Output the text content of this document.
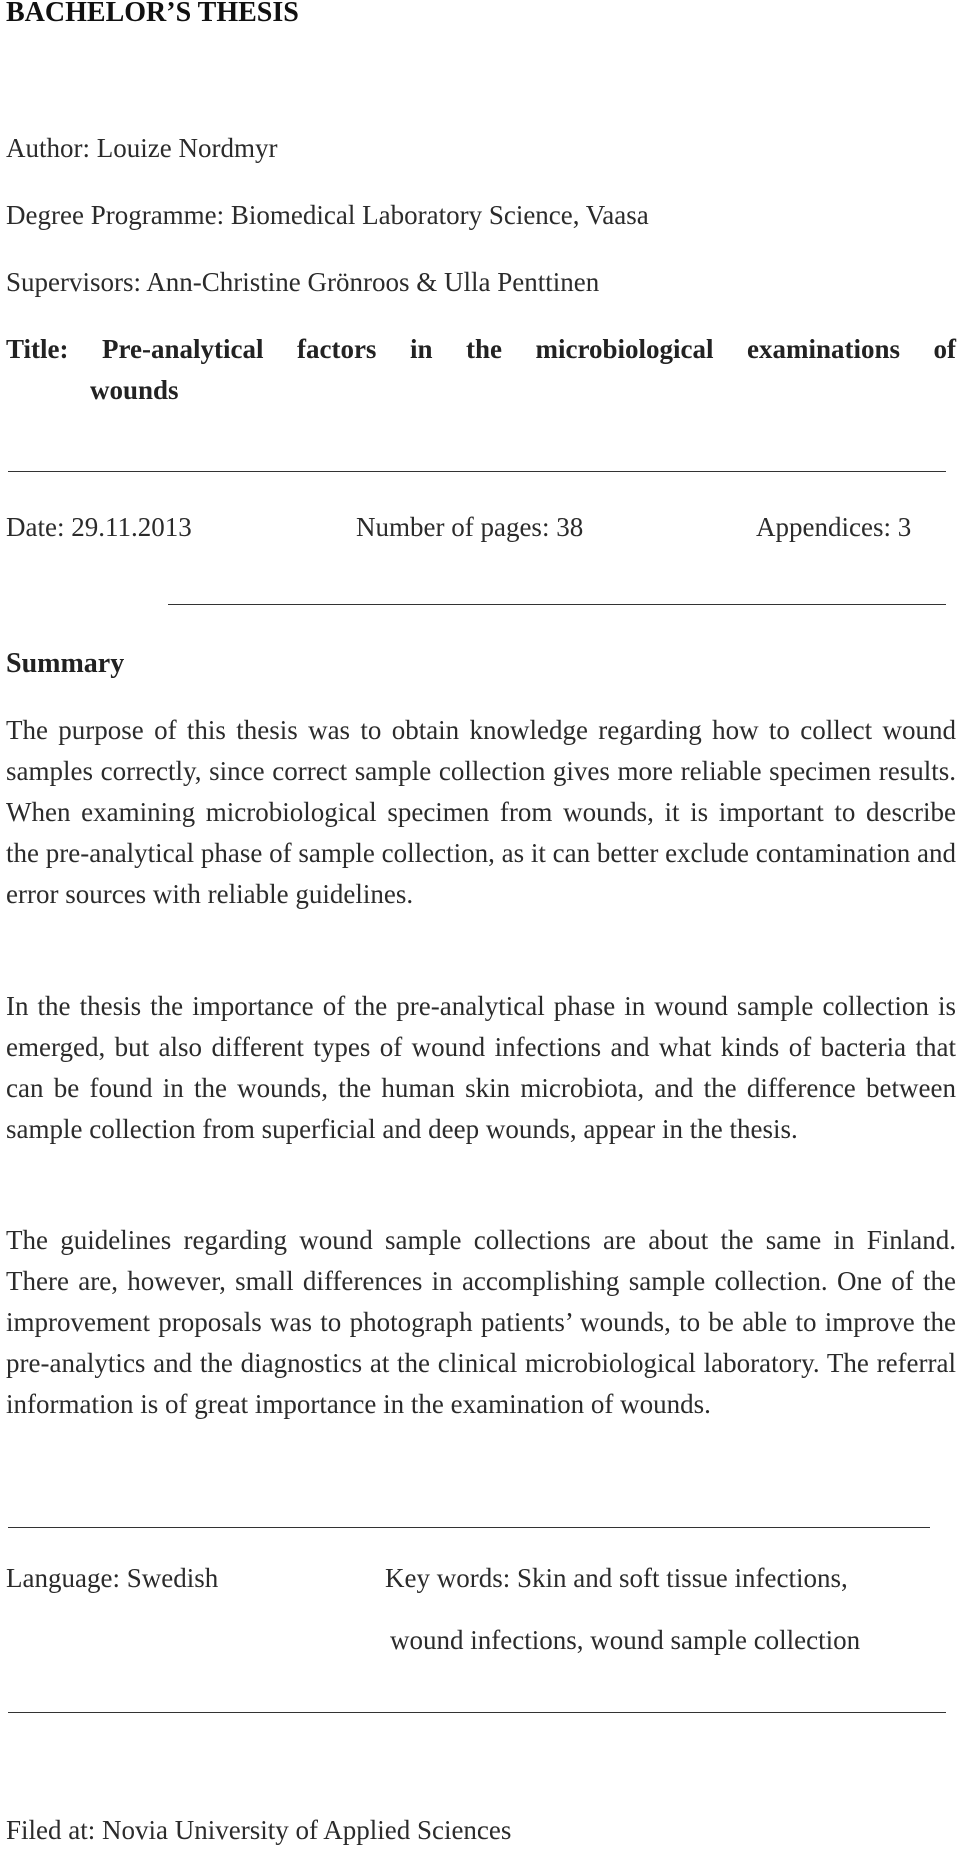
BACHELOR’S THESIS
Author: Louize Nordmyr
Degree Programme: Biomedical Laboratory Science, Vaasa
Supervisors: Ann-Christine Grönroos & Ulla Penttinen
Title: Pre-analytical factors in the microbiological examinations of
wounds
Date: 29.11.2013	Number of pages: 38	Appendices: 3
Summary
The purpose of this thesis was to obtain knowledge regarding how to collect wound samples correctly, since correct sample collection gives more reliable specimen results. When examining microbiological specimen from wounds, it is important to describe the pre-analytical phase of sample collection, as it can better exclude contamination and error sources with reliable guidelines.
In the thesis the importance of the pre-analytical phase in wound sample collection is emerged, but also different types of wound infections and what kinds of bacteria that can be found in the wounds, the human skin microbiota, and the difference between sample collection from superficial and deep wounds, appear in the thesis.
The guidelines regarding wound sample collections are about the same in Finland. There are, however, small differences in accomplishing sample collection. One of the improvement proposals was to photograph patients’ wounds, to be able to improve the pre-analytics and the diagnostics at the clinical microbiological laboratory. The referral information is of great importance in the examination of wounds.
Language: Swedish	Key words: Skin and soft tissue infections,
wound infections, wound sample collection
Filed at: Novia University of Applied Sciences
